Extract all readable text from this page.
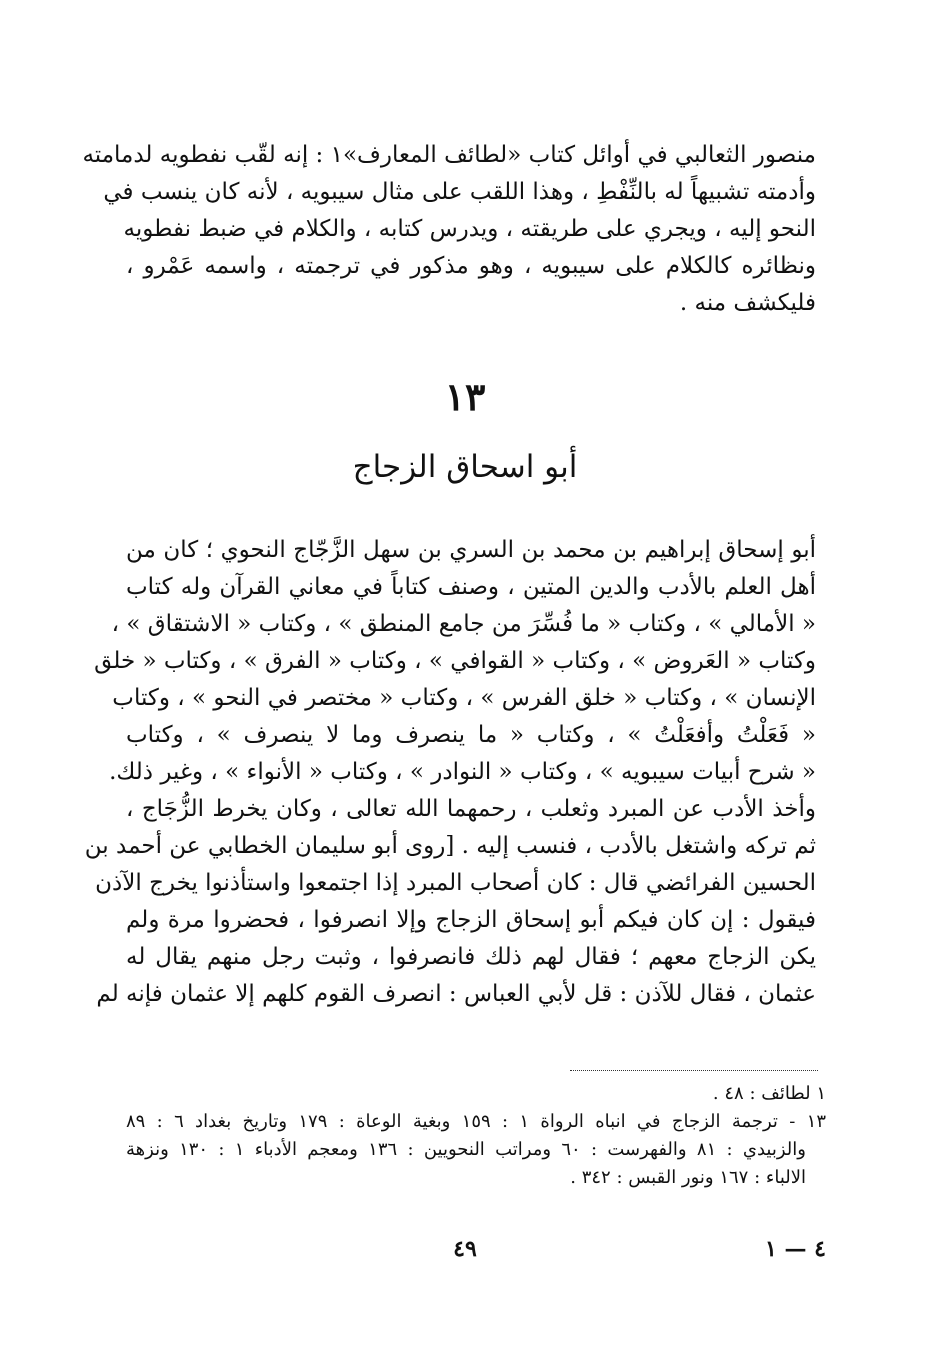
منصور الثعالبي في أوائل كتاب «لطائف المعارف»١ : إنه لقّب نفطويه لدمامته
وأدمته تشبيهاً له بالنِّفْطِ ، وهذا اللقب على مثال سيبويه ، لأنه كان ينسب في
النحو إليه ، ويجري على طريقته ، ويدرس كتابه ، والكلام في ضبط نفطويه
ونظائره كالكلام على سيبويه ، وهو مذكور في ترجمته ، واسمه عَمْرو ،
فليكشف منه .
١٣
أبو اسحاق الزجاج
أبو إسحاق إبراهيم بن محمد بن السري بن سهل الزَّجّاج النحوي ؛ كان من
أهل العلم بالأدب والدين المتين ، وصنف كتاباً في معاني القرآن وله كتاب
« الأمالي » ، وكتاب « ما فُسِّرَ من جامع المنطق » ، وكتاب « الاشتقاق » ،
وكتاب « العَروض » ، وكتاب « القوافي » ، وكتاب « الفرق » ، وكتاب « خلق
الإنسان » ، وكتاب « خلق الفرس » ، وكتاب « مختصر في النحو » ، وكتاب
« فَعَلْتُ وأفعَلْتُ » ، وكتاب « ما ينصرف وما لا ينصرف » ، وكتاب
« شرح أبيات سيبويه » ، وكتاب « النوادر » ، وكتاب « الأنواء » ، وغير ذلك.
وأخذ الأدب عن المبرد وثعلب ، رحمهما الله تعالى ، وكان يخرط الزُّجَاج ،
ثم تركه واشتغل بالأدب ، فنسب إليه . [روى أبو سليمان الخطابي عن أحمد بن
الحسين الفرائضي قال : كان أصحاب المبرد إذا اجتمعوا واستأذنوا يخرج الآذن
فيقول : إن كان فيكم أبو إسحاق الزجاج وإلا انصرفوا ، فحضروا مرة ولم
يكن الزجاج معهم ؛ فقال لهم ذلك فانصرفوا ، وثبت رجل منهم يقال له
عثمان ، فقال للآذن : قل لأبي العباس : انصرف القوم كلهم إلا عثمان فإنه لم
١ لطائف : ٤٨ .
١٣ - ترجمة الزجاج في انباه الرواة ١ : ١٥٩ وبغية الوعاة : ١٧٩ وتاريخ بغداد ٦ : ٨٩
والزبيدي : ٨١ والفهرست : ٦٠ ومراتب النحويين : ١٣٦ ومعجم الأدباء ١ : ١٣٠ ونزهة
الالباء : ١٦٧ ونور القبس : ٣٤٢ .
٤٩	٤ — ١
